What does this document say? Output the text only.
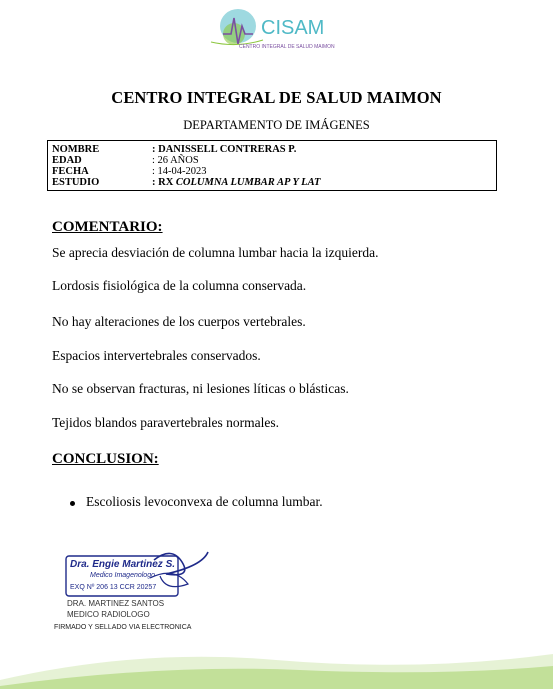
CISAM
CENTRO INTEGRAL DE SALUD MAIMON
CENTRO INTEGRAL DE SALUD MAIMON
DEPARTAMENTO DE IMÁGENES
NOMBRE	: DANISSELL CONTRERAS P.
EDAD	: 26 AÑOS
FECHA	: 14-04-2023
ESTUDIO	: RX COLUMNA LUMBAR AP Y LAT
COMENTARIO:
Se aprecia desviación de columna lumbar hacia la izquierda.
Lordosis fisiológica de la columna conservada.
No hay alteraciones de los cuerpos vertebrales.
Espacios intervertebrales conservados.
No se observan fracturas, ni lesiones líticas o blásticas.
Tejidos blandos paravertebrales normales.
CONCLUSION:
Escoliosis levoconvexa de columna lumbar.
Dra. Engie Martinez S.
Medico Imagenologo
EXQ Nº 206 13 CCR 20257
DRA. MARTINEZ SANTOS
MEDICO RADIOLOGO
FIRMADO Y SELLADO VIA ELECTRONICA
